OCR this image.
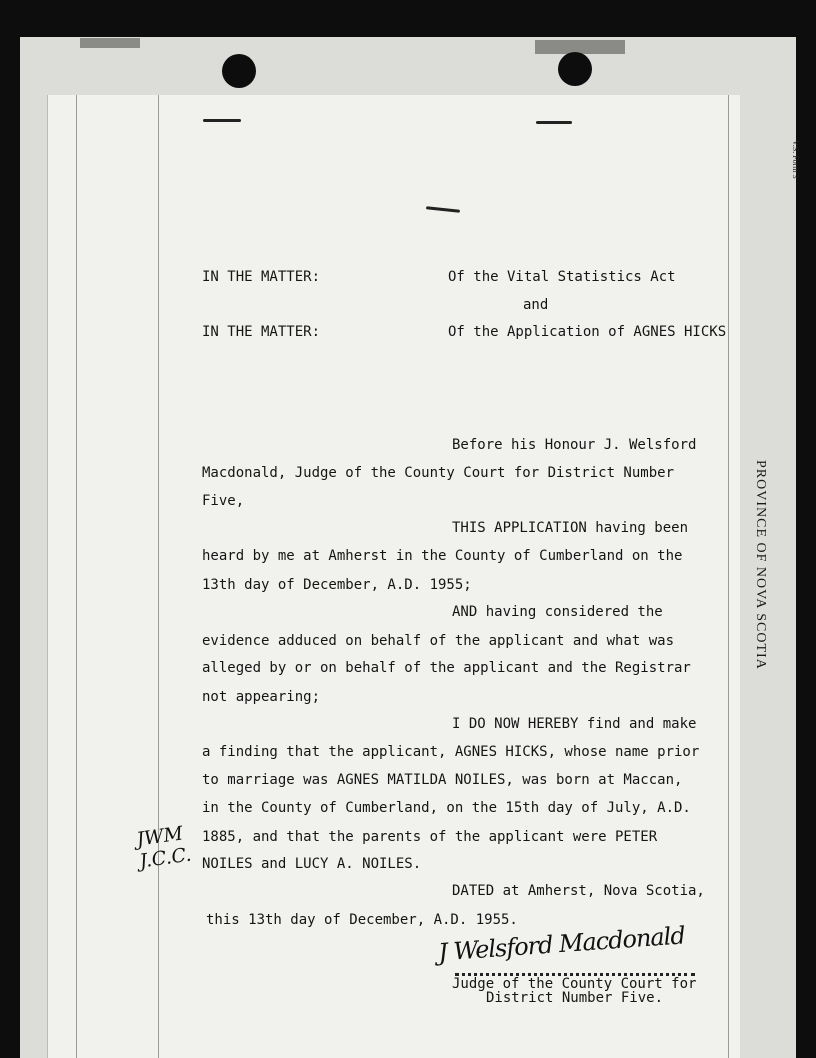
V.S. Form 3
PROVINCE OF NOVA SCOTIA
IN THE MATTER:	Of the Vital Statistics Act
and
IN THE MATTER:	Of the Application of AGNES HICKS
Before his Honour J. Welsford
Macdonald, Judge of the County Court for District Number
Five,
THIS APPLICATION having been
heard by me at Amherst in the County of Cumberland on the
13th day of December, A.D. 1955;
AND having considered the
evidence adduced on behalf of the applicant and what was
alleged by or on behalf of the applicant and the Registrar
not appearing;
I DO NOW HEREBY find and make
a finding that the applicant, AGNES HICKS, whose name prior
to marriage was AGNES MATILDA NOILES, was born at Maccan,
in the County of Cumberland, on the 15th day of July, A.D.
1885, and that the parents of the applicant were PETER
NOILES and LUCY A. NOILES.
DATED at Amherst, Nova Scotia,
this 13th day of December, A.D. 1955.
JWM J.C.C.
J Welsford Macdonald
Judge of the County Court for
District Number Five.
